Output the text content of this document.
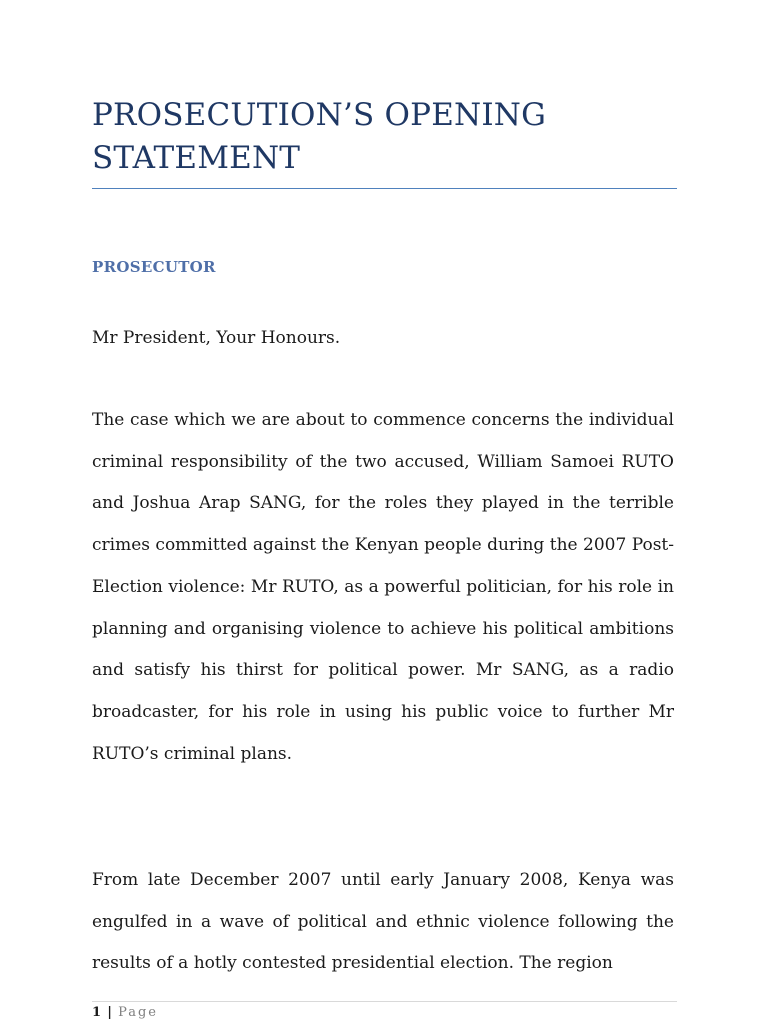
PROSECUTION’S OPENING STATEMENT

PROSECUTOR

Mr President, Your Honours.

The case which we are about to commence concerns the individual criminal responsibility of the two accused, William Samoei RUTO and Joshua Arap SANG, for the roles they played in the terrible crimes committed against the Kenyan people during the 2007 Post-Election violence: Mr RUTO, as a powerful politician, for his role in planning and organising violence to achieve his political ambitions and satisfy his thirst for political power. Mr SANG, as a radio broadcaster, for his role in using his public voice to further Mr RUTO’s criminal plans.

From late December 2007 until early January 2008, Kenya was engulfed in a wave of political and ethnic violence following the results of a hotly contested presidential election. The region

1 | Page
